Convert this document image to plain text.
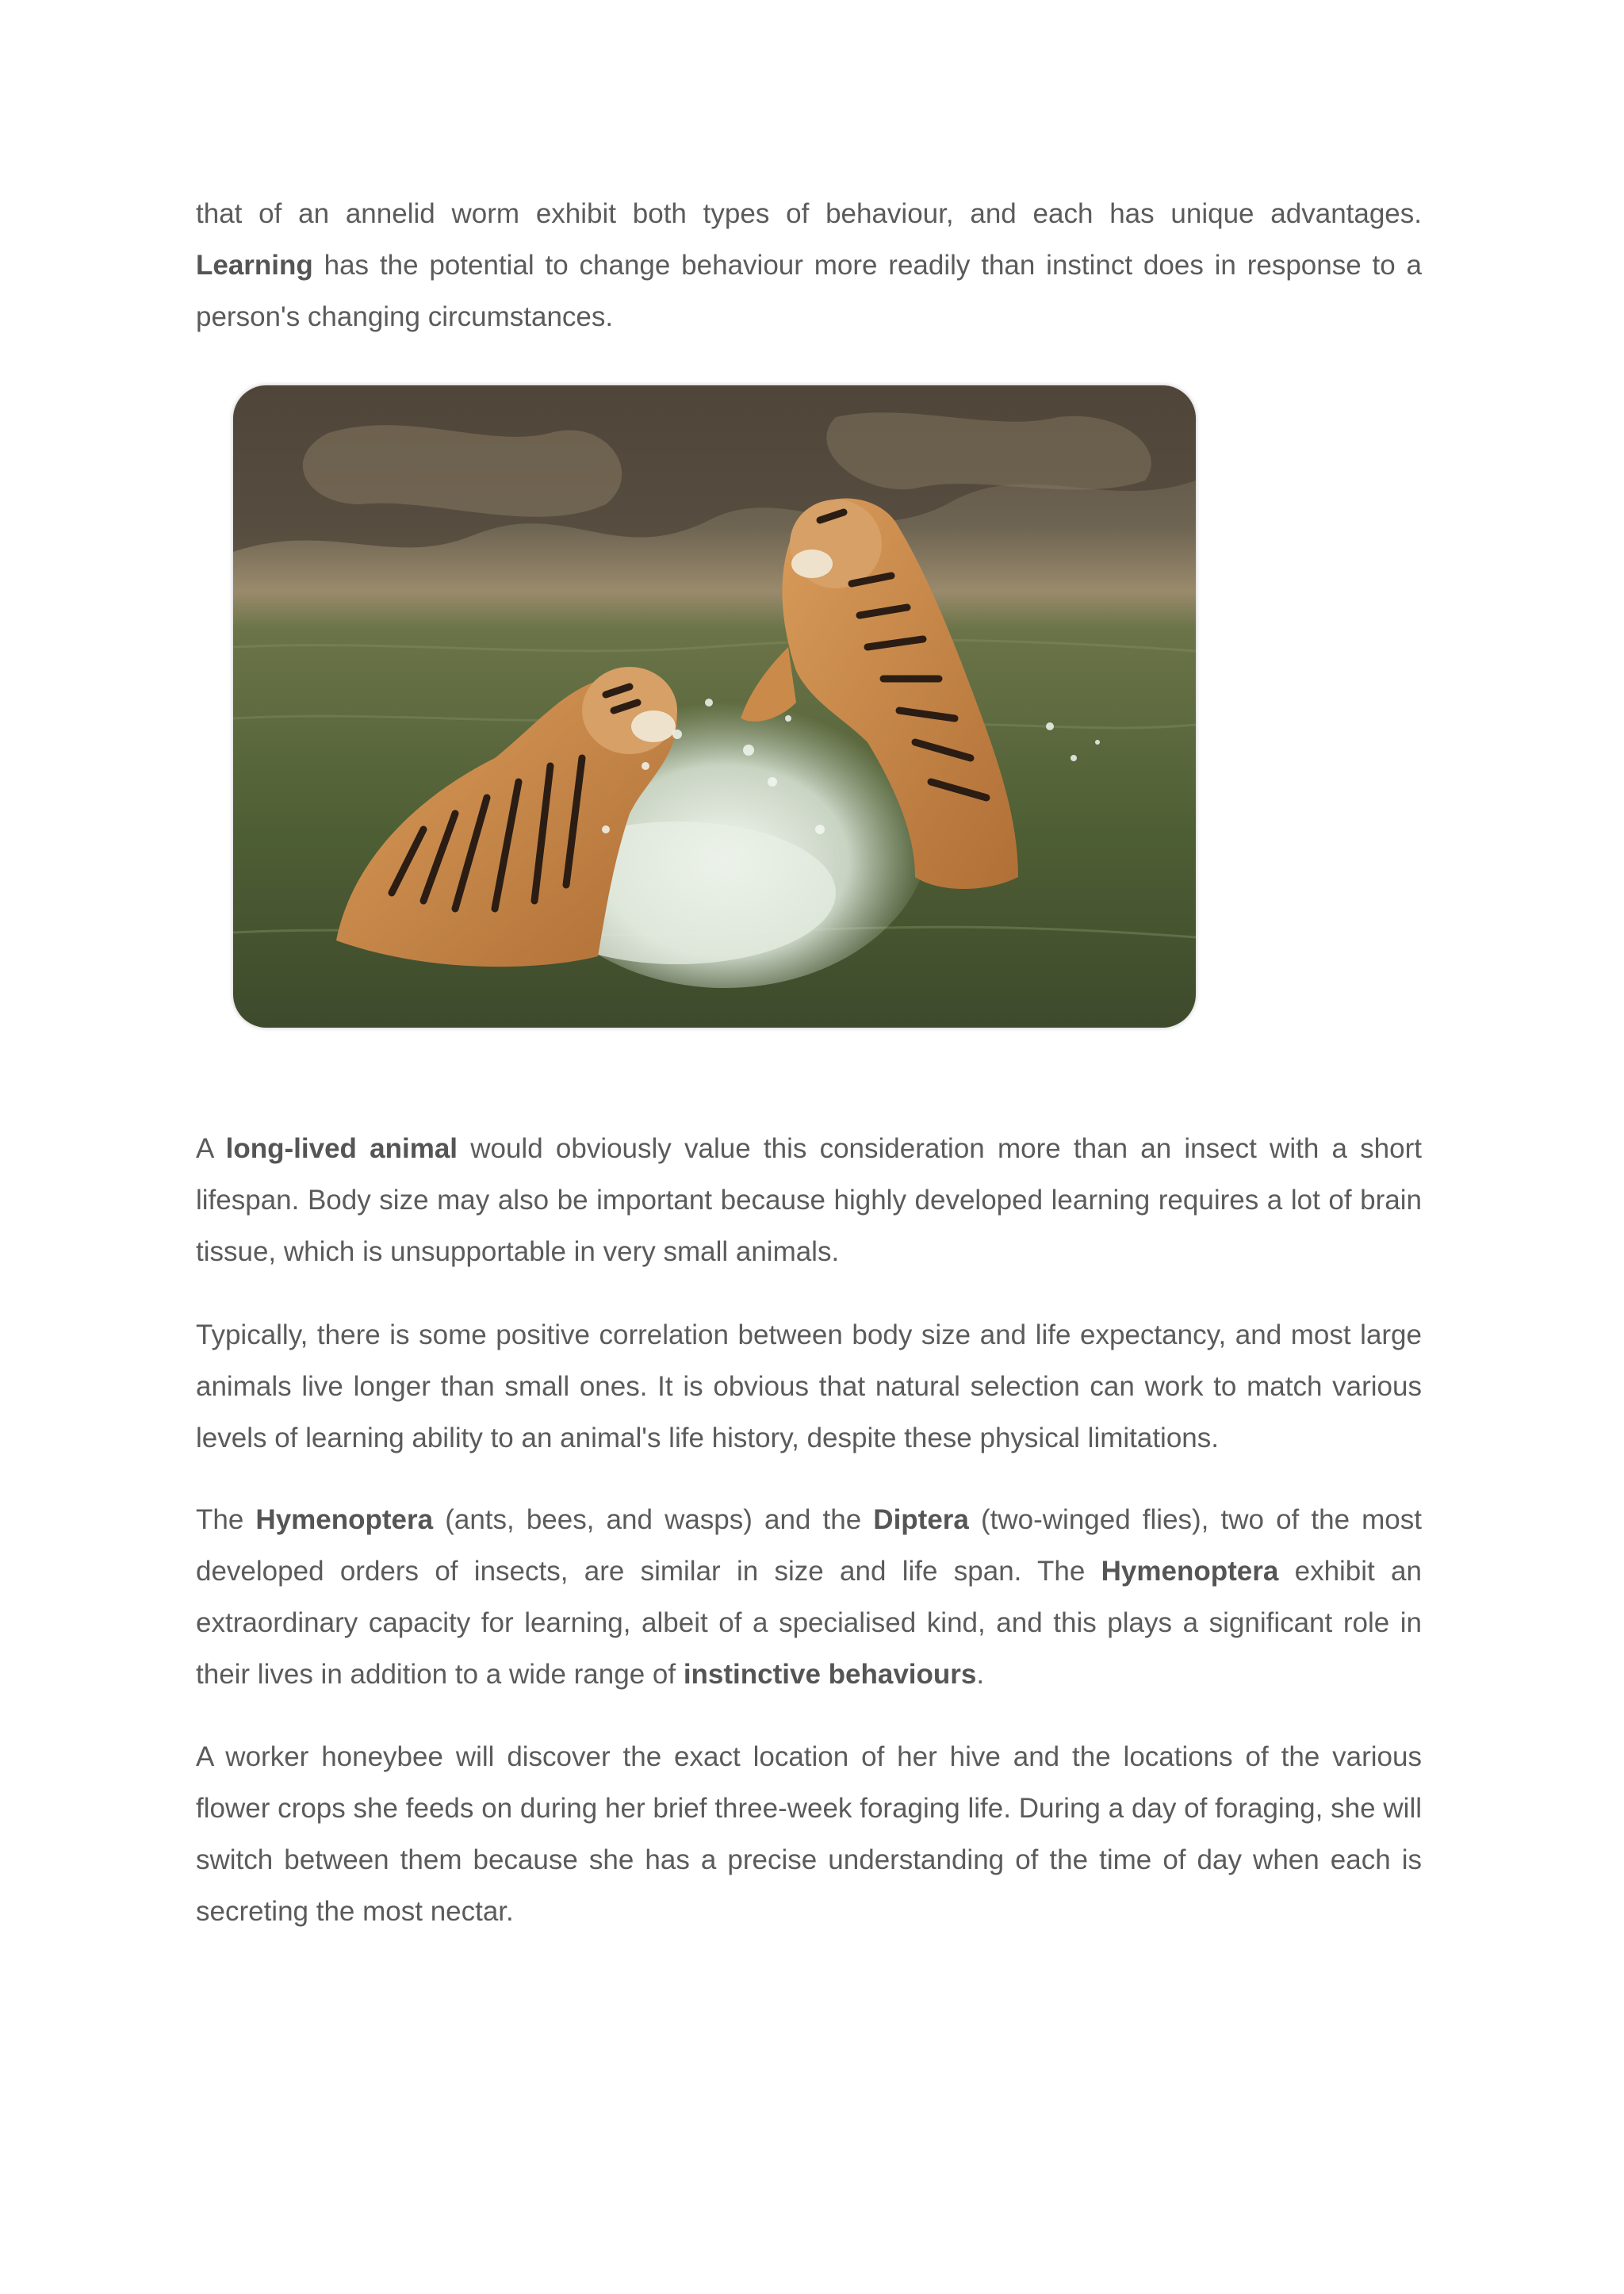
that of an annelid worm exhibit both types of behaviour, and each has unique advantages. Learning has the potential to change behaviour more readily than instinct does in response to a person's changing circumstances.

A long-lived animal would obviously value this consideration more than an insect with a short lifespan. Body size may also be important because highly developed learning requires a lot of brain tissue, which is unsupportable in very small animals.

Typically, there is some positive correlation between body size and life expectancy, and most large animals live longer than small ones. It is obvious that natural selection can work to match various levels of learning ability to an animal's life history, despite these physical limitations.

The Hymenoptera (ants, bees, and wasps) and the Diptera (two-winged flies), two of the most developed orders of insects, are similar in size and life span. The Hymenoptera exhibit an extraordinary capacity for learning, albeit of a specialised kind, and this plays a significant role in their lives in addition to a wide range of instinctive behaviours.

A worker honeybee will discover the exact location of her hive and the locations of the various flower crops she feeds on during her brief three-week foraging life. During a day of foraging, she will switch between them because she has a precise understanding of the time of day when each is secreting the most nectar.
